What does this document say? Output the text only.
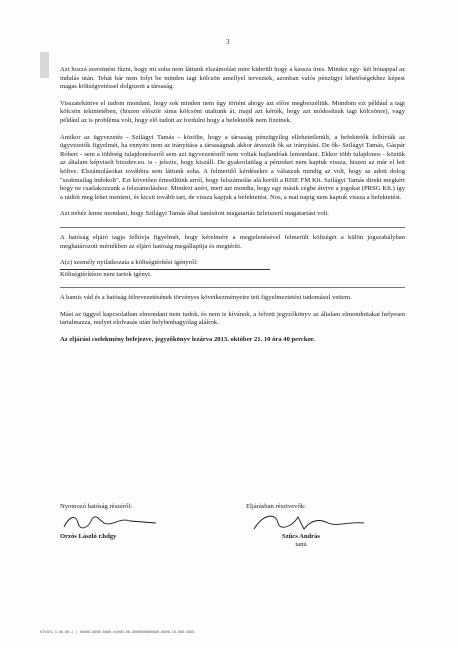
3

Azt hozzá szeretném fűzni, hogy mi soha nem láttunk elszámolást mire kiderült hogy a kassza üres. Mindez egy- két hónappal az indulás után. Tehát bár nem folyt be minden tagi kölcsön amellyel terveztek, azonban valós pénzügyi lehetőségekhez képest magas költségvetéssel dolgozott a társaság.

Visszatekintve el tudom mondani, hogy sok minden nem úgy történt ahogy azt előre megbeszéltük. Mondom ezt például a tagi kölcsön tekintetében, (hiszen először sima kölcsönt utaltunk át, majd azt kérték, hogy azt módosítsuk tagi kölcsönre), vagy például az is probléma volt, hogy elő tudott az fordulni hogy a befektetők nem fizetnek.

Amikor az ügyvezetés - Szilágyi Tamás - közölte, hogy a társaság pénzügyileg ellehetetlenült, a befektetők felhívták az ügyvezetők figyelmét, ha ennyire nem az irányítása a társaságnak akkor átveszik ők az irányítást. De ők- Szilágyi Tamás, Gáspár Róbert - sem a többség tulajdonrészről sem azt ügyvezetésről nem voltak hajlandóak lemondani. Ekkor több tulajdonos - köztük az általam képviselt bizzdev.eu. is - jelezte, hogy kiszáll. De gyakorlatilag a pénzeket nem kaptuk vissza, hiszen az már el lett költve. Elszámolásokat továbbra sem láttunk soha. A felmerülő kérdésekre a válaszuk mindig az volt, hogy az adott dolog "szakmailag indokolt". Ezt követően értesültünk arról, hogy felszámolás alá került a RISE FM Kft. Szilágyi Tamás direkt megkért hogy ne csatlakozzunk a felszámoláshoz. Mindezt azért, mert azt mondta, hogy egy másik cégbe átvive a jogokat (PRSG Kft.) így a rádiót meg lehet menteni, és kicsit tovább tart, de vissza kapjuk a befektetést. Nos, a mai napig nem kaptuk vissza a befektetést.

Azt nehéz lenne mondani, hogy Szilágyi Tamás által tanúsított magatartás üzletszerű magatartást volt.

A hatóság eljáró tagja felhívja figyelmét, hogy kérelmére a megjelenésével felmerült költséget a külön jogszabályban meghatározott mértékben az eljáró hatóság megállapítja és megtéríti.

A(z) személy nyilatkozata a költségtérítési igényről:
Költségtérítésre nem tartok igényt.

A hamis vád és a hatóság félrevezetésének törvényes következményeire tett figyelmeztetést tudomásul vettem.

Mást az üggyel kapcsolatban elmondani nem tudok, és nem is kívánok, a felvett jegyzőkönyv az általam elmondottakat helyesen tartalmazza, melyet elolvasás után helybenhagyólag aláírok.

Az eljárási cselekmény befejezve, jegyzőkönyv lezárva 2013. október 21. 10 óra 40 perckor.

Nyomozó hatóság részéről:
Orzós László r.hdgy
Eljárásban résztvevők:
Szűcs András
tanú
KTSSEG_3.00.00.2 | 00000-0000-0000-ny000-00-0000000000000-0000.10.000.0001
